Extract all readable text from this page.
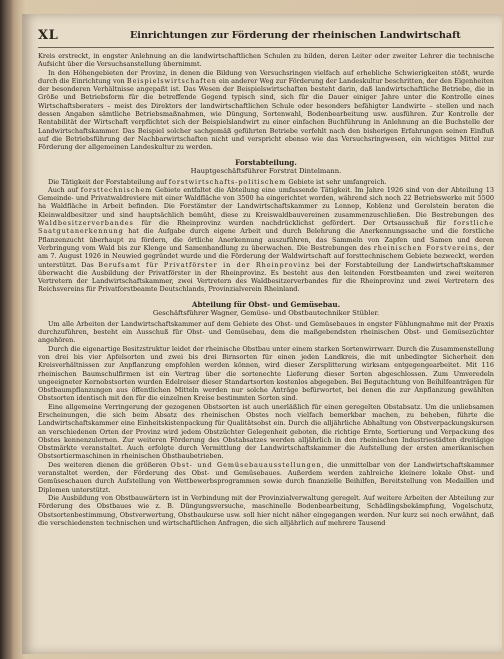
XL	Einrichtungen zur Förderung der rheinischen Landwirtschaft

Kreis erstreckt, in engster Anlehnung an die landwirtschaftlichen Schulen zu bilden, deren Leiter oder zweiter Lehrer die technische Aufsicht über die Versuchsanstellung übernimmt.

In den Höhengebieten der Provinz, in denen die Bildung von Versuchsringen vielfach auf erhebliche Schwierigkeiten stößt, wurde durch die Einrichtung von Beispielswirtschaften ein anderer Weg zur Förderung der Landeskultur beschritten, der den Eigenheiten der besonderen Verhältnisse angepaßt ist. Das Wesen der Beispielswirtschaften besteht darin, daß landwirtschaftliche Betriebe, die in Größe und Betriebsform für die betreffende Gegend typisch sind, sich für die Dauer einiger Jahre unter die Kontrolle eines Wirtschaftsberaters – meist des Direktors der landwirtschaftlichen Schule oder besonders befähigter Landwirte – stellen und nach dessen Angaben sämtliche Betriebsmaßnahmen, wie Düngung, Sortenwahl, Bodenbearbeitung usw. ausführen. Zur Kontrolle der Rentabilität der Wirtschaft verpflichtet sich der Beispielslandwirt zu einer einfachen Buchführung in Anlehnung an die Buchstelle der Landwirtschaftskammer. Das Beispiel solcher sachgemäß geführten Betriebe verfehlt nach den bisherigen Erfahrungen seinen Einfluß auf die Betriebsführung der Nachbarwirtschaften nicht und verspricht ebenso wie das Versuchsringwesen, ein wichtiges Mittel zur Förderung der allgemeinen Landeskultur zu werden.

Forstabteilung.
Hauptgeschäftsführer Forstrat Dintelmann.

Die Tätigkeit der Forstabteilung auf forstwirtschafts-politischem Gebiete ist sehr umfangreich.

Auch auf forsttechnischem Gebiete entfaltet die Abteilung eine umfassende Tätigkeit. Im Jahre 1926 sind von der Abteilung 13 Gemeinde- und Privatwaldreviere mit einer Waldfläche von 3500 ha eingerichtet worden, während sich noch 22 Betriebswerke mit 5500 ha Waldfläche in Arbeit befinden. Die Forstämter der Landwirtschaftskammer zu Lennep, Koblenz und Gerolstein beraten die Kleinwaldbesitzer und sind hauptsächlich bemüht, diese zu Kreiswaldbauvereinen zusammenzuschließen. Die Bestrebungen des Waldbesitzerverbandes für die Rheinprovinz wurden nachdrücklichst gefördert. Der Ortsausschuß für forstliche Saatgutanerkennung hat die Aufgabe durch eigene Arbeit und durch Belehrung die Anerkennungssache und die forstliche Pflanzenzucht überhaupt zu fördern, die örtliche Anerkennung auszuführen, das Sammeln von Zapfen und Samen und deren Verbringung vom Wald bis zur Klenge und Samenhandlung zu überwachen. Die Bestrebungen des rheinischen Forstvereins, der am 7. August 1926 in Neuwied gegründet wurde und die Förderung der Waldwirtschaft auf forsttechnischem Gebiete bezweckt, werden unterstützt. Das Berufsamt für Privatförster in der Rheinprovinz bei der Forstabteilung der Landwirtschaftskammer überwacht die Ausbildung der Privatförster in der Rheinprovinz. Es besteht aus den leitenden Forstbeamten und zwei weiteren Vertretern der Landwirtschaftskammer, zwei Vertretern des Waldbesitzerverbandes für die Rheinprovinz und zwei Vertretern des Reichsvereins für Privatforstbeamte Deutschlands, Provinzialverein Rheinland.

Abteilung für Obst- und Gemüsebau.
Geschäftsführer Wagner, Gemüse- und Obstbautechniker Stübler.

Um alle Arbeiten der Landwirtschaftskammer auf dem Gebiete des Obst- und Gemüsebaues in engster Fühlungnahme mit der Praxis durchzuführen, besteht ein Ausschuß für Obst- und Gemüsebau, dem die maßgebendsten rheinischen Obst- und Gemüsezüchter angehören.

Durch die eigenartige Besitzstruktur leidet der rheinische Obstbau unter einem starken Sortenwirrwarr. Durch die Zusammenstellung von drei bis vier Apfelsorten und zwei bis drei Birnsorten für einen jeden Landkreis, die mit unbedingter Sicherheit den Kreisverhältnissen zur Anpflanzung empfohlen werden können, wird dieser Zersplitterung wirksam entgegengearbeitet. Mit 116 rheinischen Baumschulfirmen ist ein Vertrag über die sortenechte Lieferung dieser Sorten abgeschlossen. Zum Umveredeln ungeeigneter Kernobstsorten wurden Edelreiser dieser Standartsorten kostenlos abgegeben. Bei Begutachtung von Beihilfeanträgen für Obstbaumpflanzungen aus öffentlichen Mitteln werden nur solche Anträge befürwortet, bei denen die zur Anpflanzung gewählten Obstsorten identisch mit den für die einzelnen Kreise bestimmten Sorten sind.

Eine allgemeine Verringerung der gezogenen Obstsorten ist auch unerläßlich für einen geregelten Obstabsatz. Um die unliebsamen Erscheinungen, die sich beim Absatz des rheinischen Obstes noch vielfach bemerkbar machen, zu beheben, führte die Landwirtschaftskammer eine Einheitskistenpackung für Qualitätsobst ein. Durch die alljährliche Abhaltung von Obstverpackungskursen an verschiedenen Orten der Provinz wird jedem Obstzüchter Gelegenheit geboten, die richtige Ernte, Sortierung und Verpackung des Obstes kennenzulernen. Zur weiteren Förderung des Obstabsatzes werden alljährlich in den rheinischen Industriestädten dreitägige Obstmärkte veranstaltet. Auch erfolgte durch Vermittlung der Landwirtschaftskammer die Aufstellung der ersten amerikanischen Obstsortiermaschinen in rheinischen Obstbaubetrieben.

Des weiteren dienen die größeren Obst- und Gemüsebauausstellungen, die unmittelbar von der Landwirtschaftskammer veranstaltet werden, der Förderung des Obst- und Gemüsebaues. Außerdem werden zahlreiche kleinere lokale Obst- und Gemüseschauen durch Aufstellung von Wettbewerbsprogrammen sowie durch finanzielle Beihilfen, Bereitstellung von Medaillen und Diplomen unterstützt.

Die Ausbildung von Obstbauwärtern ist in Verbindung mit der Provinzialverwaltung geregelt. Auf weitere Arbeiten der Abteilung zur Förderung des Obstbaues wie z. B. Düngungsversuche, maschinelle Bodenbearbeitung, Schädlingsbekämpfung, Vogelschutz, Obstsortenbestimmung, Obstverwertung, Obstbaukurse usw. soll hier nicht näher eingegangen werden. Nur kurz sei noch erwähnt, daß die verschiedensten technischen und wirtschaftlichen Anfragen, die sich alljährlich auf mehrere Tausend
